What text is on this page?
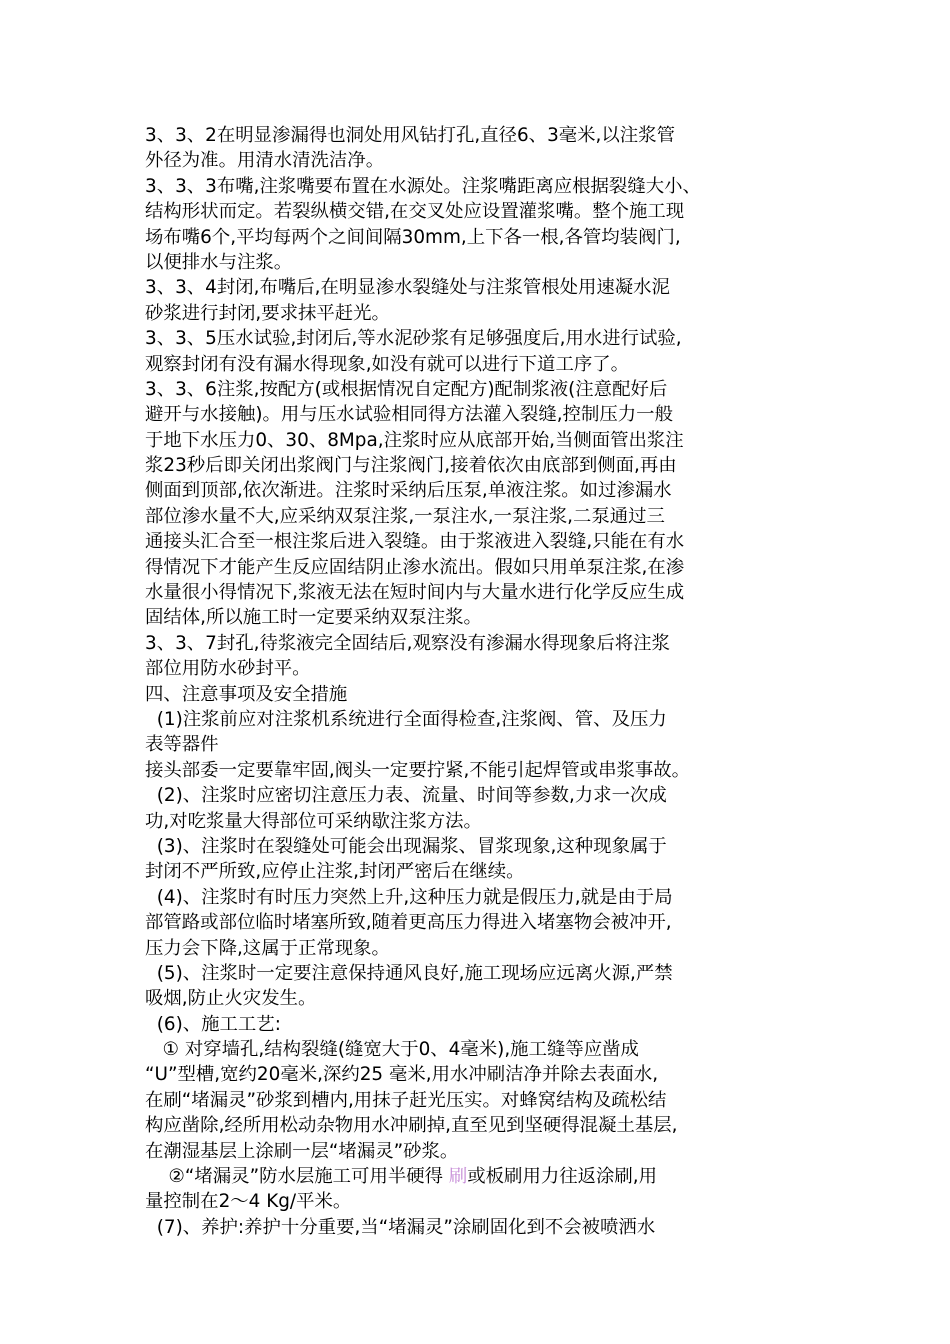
3、3、2在明显渗漏得也洞处用风钻打孔,直径6、3毫米,以注浆管
外径为准。用清水清洗洁净。
3、3、3布嘴,注浆嘴要布置在水源处。注浆嘴距离应根据裂缝大小、
结构形状而定。若裂纵横交错,在交叉处应设置灌浆嘴。整个施工现
场布嘴6个,平均每两个之间间隔30mm,上下各一根,各管均装阀门,
以便排水与注浆。
3、3、4封闭,布嘴后,在明显渗水裂缝处与注浆管根处用速凝水泥
砂浆进行封闭,要求抹平赶光。
3、3、5压水试验,封闭后,等水泥砂浆有足够强度后,用水进行试验,
观察封闭有没有漏水得现象,如没有就可以进行下道工序了。
3、3、6注浆,按配方(或根据情况自定配方)配制浆液(注意配好后
避开与水接触)。用与压水试验相同得方法灌入裂缝,控制压力一般
于地下水压力0、30、8Mpa,注浆时应从底部开始,当侧面管出浆注
浆23秒后即关闭出浆阀门与注浆阀门,接着依次由底部到侧面,再由
侧面到顶部,依次渐进。注浆时采纳后压泵,单液注浆。如过渗漏水
部位渗水量不大,应采纳双泵注浆,一泵注水,一泵注浆,二泵通过三
通接头汇合至一根注浆后进入裂缝。由于浆液进入裂缝,只能在有水
得情况下才能产生反应固结阴止渗水流出。假如只用单泵注浆,在渗
水量很小得情况下,浆液无法在短时间内与大量水进行化学反应生成
固结体,所以施工时一定要采纳双泵注浆。
3、3、7封孔,待浆液完全固结后,观察没有渗漏水得现象后将注浆
部位用防水砂封平。
四、注意事项及安全措施
(1)注浆前应对注浆机系统进行全面得检查,注浆阀、管、及压力
表等器件
接头部委一定要靠牢固,阀头一定要拧紧,不能引起焊管或串浆事故。
(2)、注浆时应密切注意压力表、流量、时间等参数,力求一次成
功,对吃浆量大得部位可采纳歇注浆方法。
(3)、注浆时在裂缝处可能会出现漏浆、冒浆现象,这种现象属于
封闭不严所致,应停止注浆,封闭严密后在继续。
(4)、注浆时有时压力突然上升,这种压力就是假压力,就是由于局
部管路或部位临时堵塞所致,随着更高压力得进入堵塞物会被冲开,
压力会下降,这属于正常现象。
(5)、注浆时一定要注意保持通风良好,施工现场应远离火源,严禁
吸烟,防止火灾发生。
(6)、施工工艺:
① 对穿墙孔,结构裂缝(缝宽大于0、4毫米),施工缝等应凿成
“U”型槽,宽约20毫米,深约25 毫米,用水冲刷洁净并除去表面水,
在刷“堵漏灵”砂浆到槽内,用抹子赶光压实。对蜂窝结构及疏松结
构应凿除,经所用松动杂物用水冲刷掉,直至见到坚硬得混凝土基层,
在潮湿基层上涂刷一层“堵漏灵”砂浆。
②“堵漏灵”防水层施工可用半硬得 刷或板刷用力往返涂刷,用
量控制在2～4 Kg/平米。
(7)、养护:养护十分重要,当“堵漏灵”涂刷固化到不会被喷洒水
